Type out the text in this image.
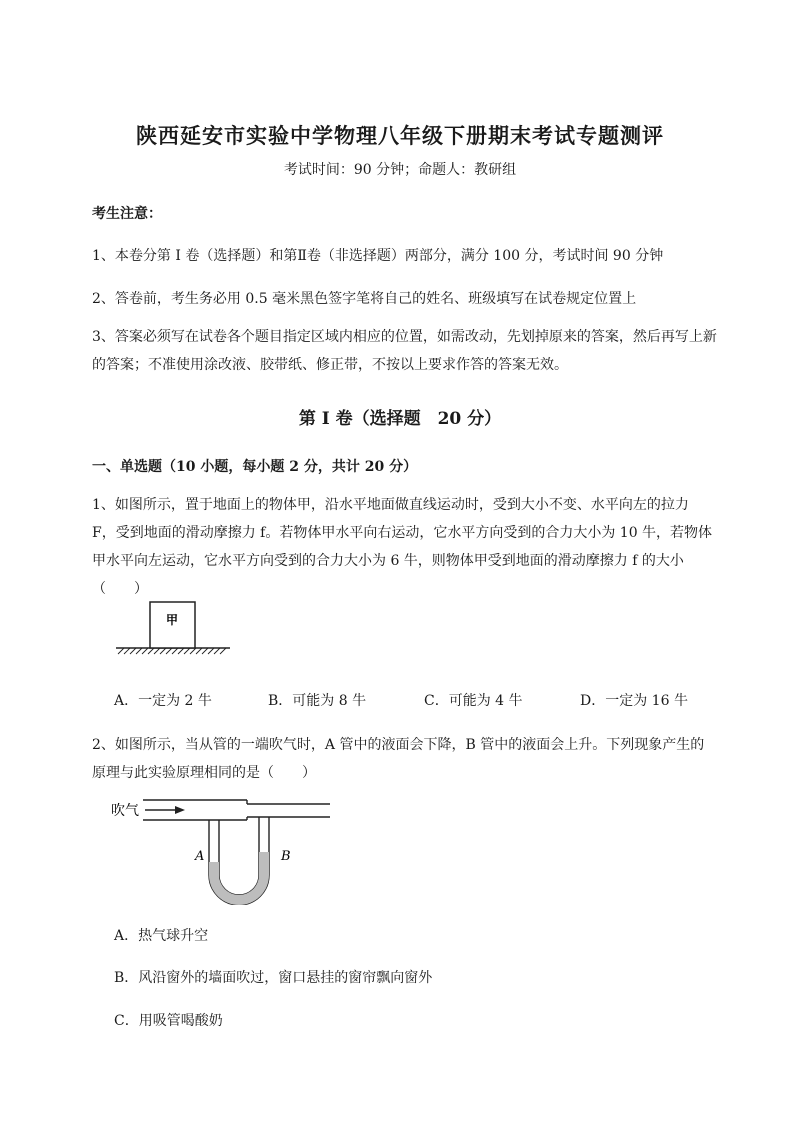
陕西延安市实验中学物理八年级下册期末考试专题测评
考试时间：90 分钟；命题人：教研组
考生注意：
1、本卷分第 I 卷（选择题）和第Ⅱ卷（非选择题）两部分，满分 100 分，考试时间 90 分钟
2、答卷前，考生务必用 0.5 毫米黑色签字笔将自己的姓名、班级填写在试卷规定位置上
3、答案必须写在试卷各个题目指定区域内相应的位置，如需改动，先划掉原来的答案，然后再写上新的答案；不准使用涂改液、胶带纸、修正带，不按以上要求作答的答案无效。
第 I 卷（选择题　20 分）
一、单选题（10 小题，每小题 2 分，共计 20 分）
1、如图所示，置于地面上的物体甲，沿水平地面做直线运动时，受到大小不变、水平向左的拉力 F，受到地面的滑动摩擦力 f。若物体甲水平向右运动，它水平方向受到的合力大小为 10 牛，若物体甲水平向左运动，它水平方向受到的合力大小为 6 牛，则物体甲受到地面的滑动摩擦力 f 的大小（　　）
甲
A．一定为 2 牛	B．可能为 8 牛	C．可能为 4 牛	D．一定为 16 牛
2、如图所示，当从管的一端吹气时，A 管中的液面会下降，B 管中的液面会上升。下列现象产生的原理与此实验原理相同的是（　　）
吹气
A	B
A．热气球升空
B．风沿窗外的墙面吹过，窗口悬挂的窗帘飘向窗外
C．用吸管喝酸奶
